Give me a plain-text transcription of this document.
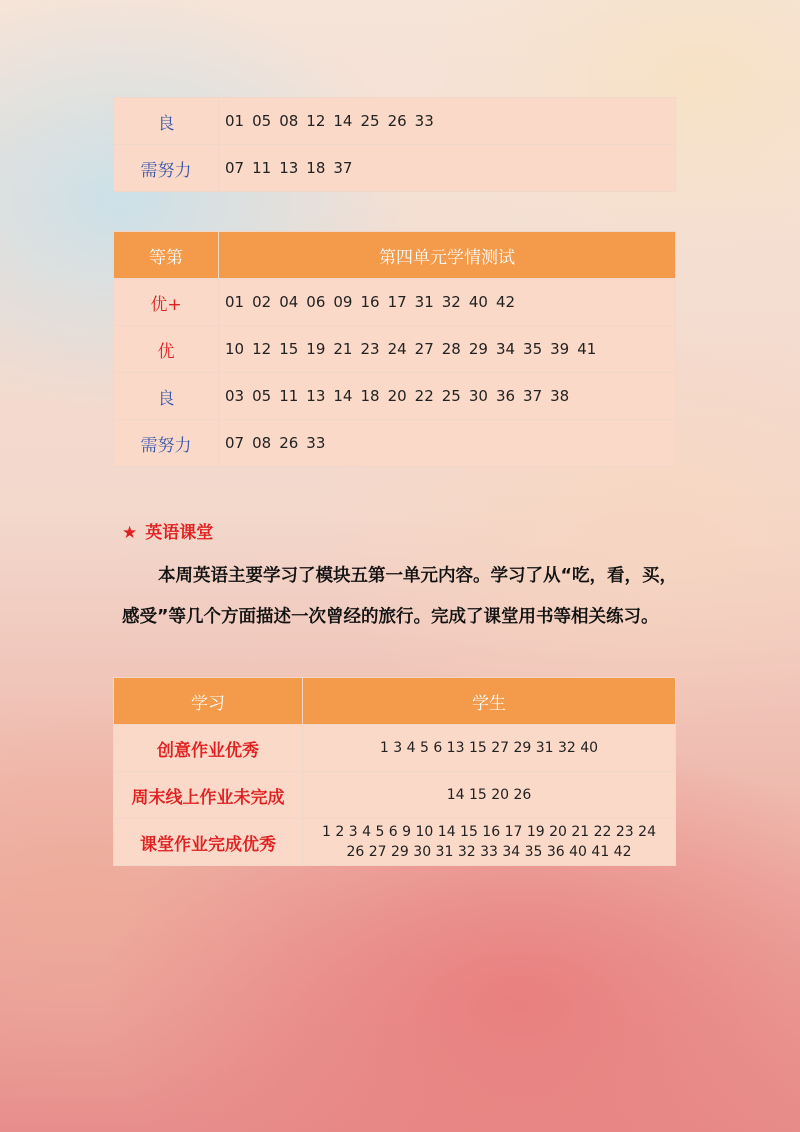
良	01 05 08 12 14 25 26 33
需努力	07 11 13 18 37
等第	第四单元学情测试
优+	01 02 04 06 09 16 17 31 32 40 42
优	10 12 15 19 21 23 24 27 28 29 34 35 39 41
良	03 05 11 13 14 18 20 22 25 30 36 37 38
需努力	07 08 26 33
★ 英语课堂
本周英语主要学习了模块五第一单元内容。学习了从“吃，看，买，感受”等几个方面描述一次曾经的旅行。完成了课堂用书等相关练习。
学习	学生
创意作业优秀	1 3 4 5 6 13 15 27 29 31 32 40
周末线上作业未完成	14 15 20 26
课堂作业完成优秀	1 2 3 4 5 6 9 10 14 15 16 17 19 20 21 22 23 24
26 27 29 30 31 32 33 34 35 36 40 41 42
